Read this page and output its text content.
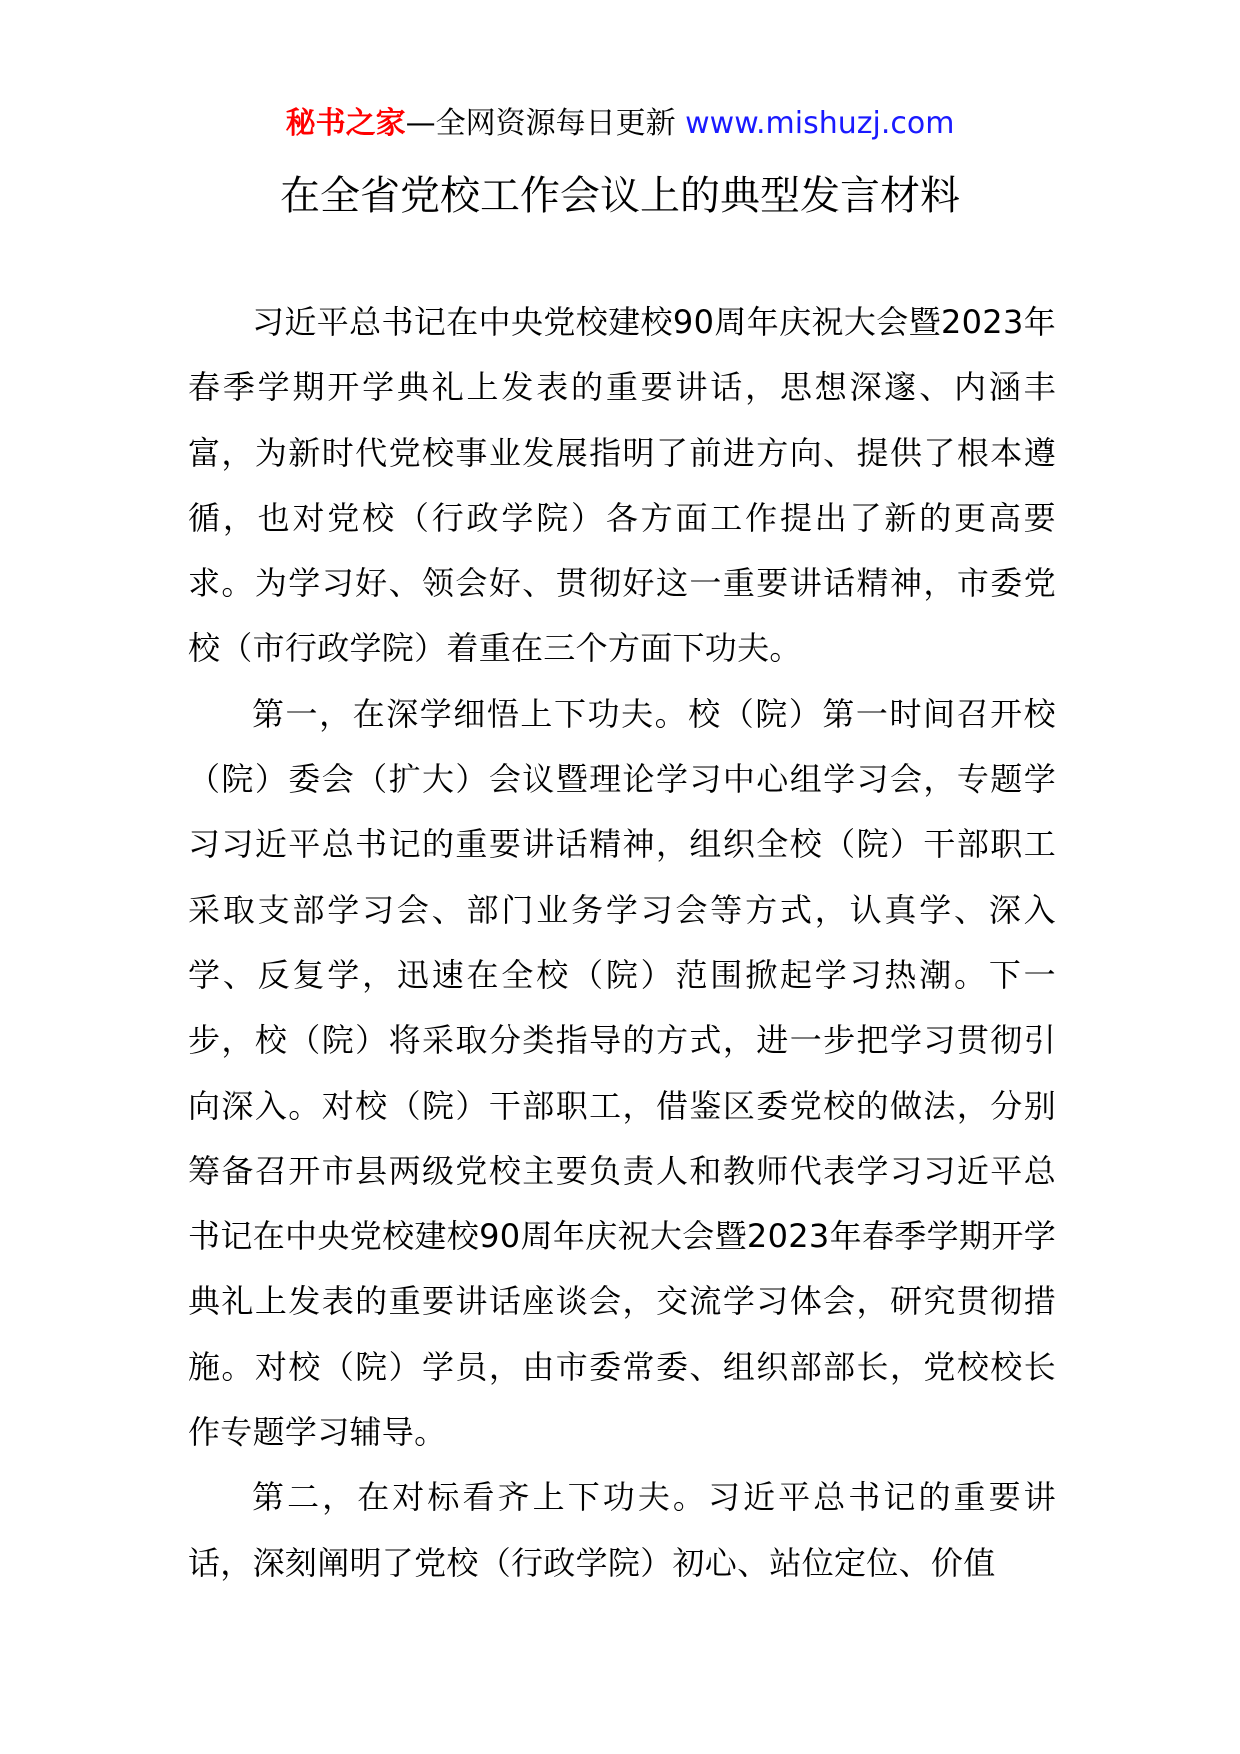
秘书之家—全网资源每日更新 www.mishuzj.com
在全省党校工作会议上的典型发言材料

习近平总书记在中央党校建校90周年庆祝大会暨2023年春季学期开学典礼上发表的重要讲话，思想深邃、内涵丰富，为新时代党校事业发展指明了前进方向、提供了根本遵循，也对党校（行政学院）各方面工作提出了新的更高要求。为学习好、领会好、贯彻好这一重要讲话精神，市委党校（市行政学院）着重在三个方面下功夫。

第一，在深学细悟上下功夫。校（院）第一时间召开校（院）委会（扩大）会议暨理论学习中心组学习会，专题学习习近平总书记的重要讲话精神，组织全校（院）干部职工采取支部学习会、部门业务学习会等方式，认真学、深入学、反复学，迅速在全校（院）范围掀起学习热潮。下一步，校（院）将采取分类指导的方式，进一步把学习贯彻引向深入。对校（院）干部职工，借鉴区委党校的做法，分别筹备召开市县两级党校主要负责人和教师代表学习习近平总书记在中央党校建校90周年庆祝大会暨2023年春季学期开学典礼上发表的重要讲话座谈会，交流学习体会，研究贯彻措施。对校（院）学员，由市委常委、组织部部长，党校校长作专题学习辅导。

第二，在对标看齐上下功夫。习近平总书记的重要讲话，深刻阐明了党校（行政学院）初心、站位定位、价值
